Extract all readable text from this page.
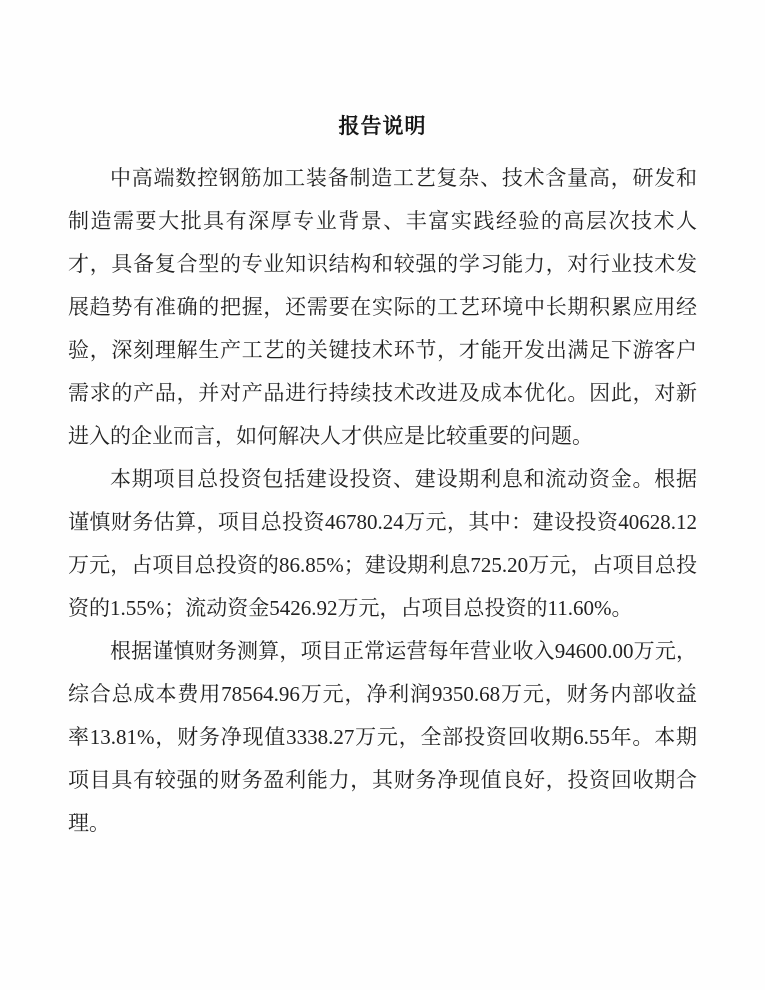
报告说明

中高端数控钢筋加工装备制造工艺复杂、技术含量高，研发和制造需要大批具有深厚专业背景、丰富实践经验的高层次技术人才，具备复合型的专业知识结构和较强的学习能力，对行业技术发展趋势有准确的把握，还需要在实际的工艺环境中长期积累应用经验，深刻理解生产工艺的关键技术环节，才能开发出满足下游客户需求的产品，并对产品进行持续技术改进及成本优化。因此，对新进入的企业而言，如何解决人才供应是比较重要的问题。

本期项目总投资包括建设投资、建设期利息和流动资金。根据谨慎财务估算，项目总投资46780.24万元，其中：建设投资40628.12万元，占项目总投资的86.85%；建设期利息725.20万元，占项目总投资的1.55%；流动资金5426.92万元，占项目总投资的11.60%。

根据谨慎财务测算，项目正常运营每年营业收入94600.00万元，综合总成本费用78564.96万元，净利润9350.68万元，财务内部收益率13.81%，财务净现值3338.27万元，全部投资回收期6.55年。本期项目具有较强的财务盈利能力，其财务净现值良好，投资回收期合理。
